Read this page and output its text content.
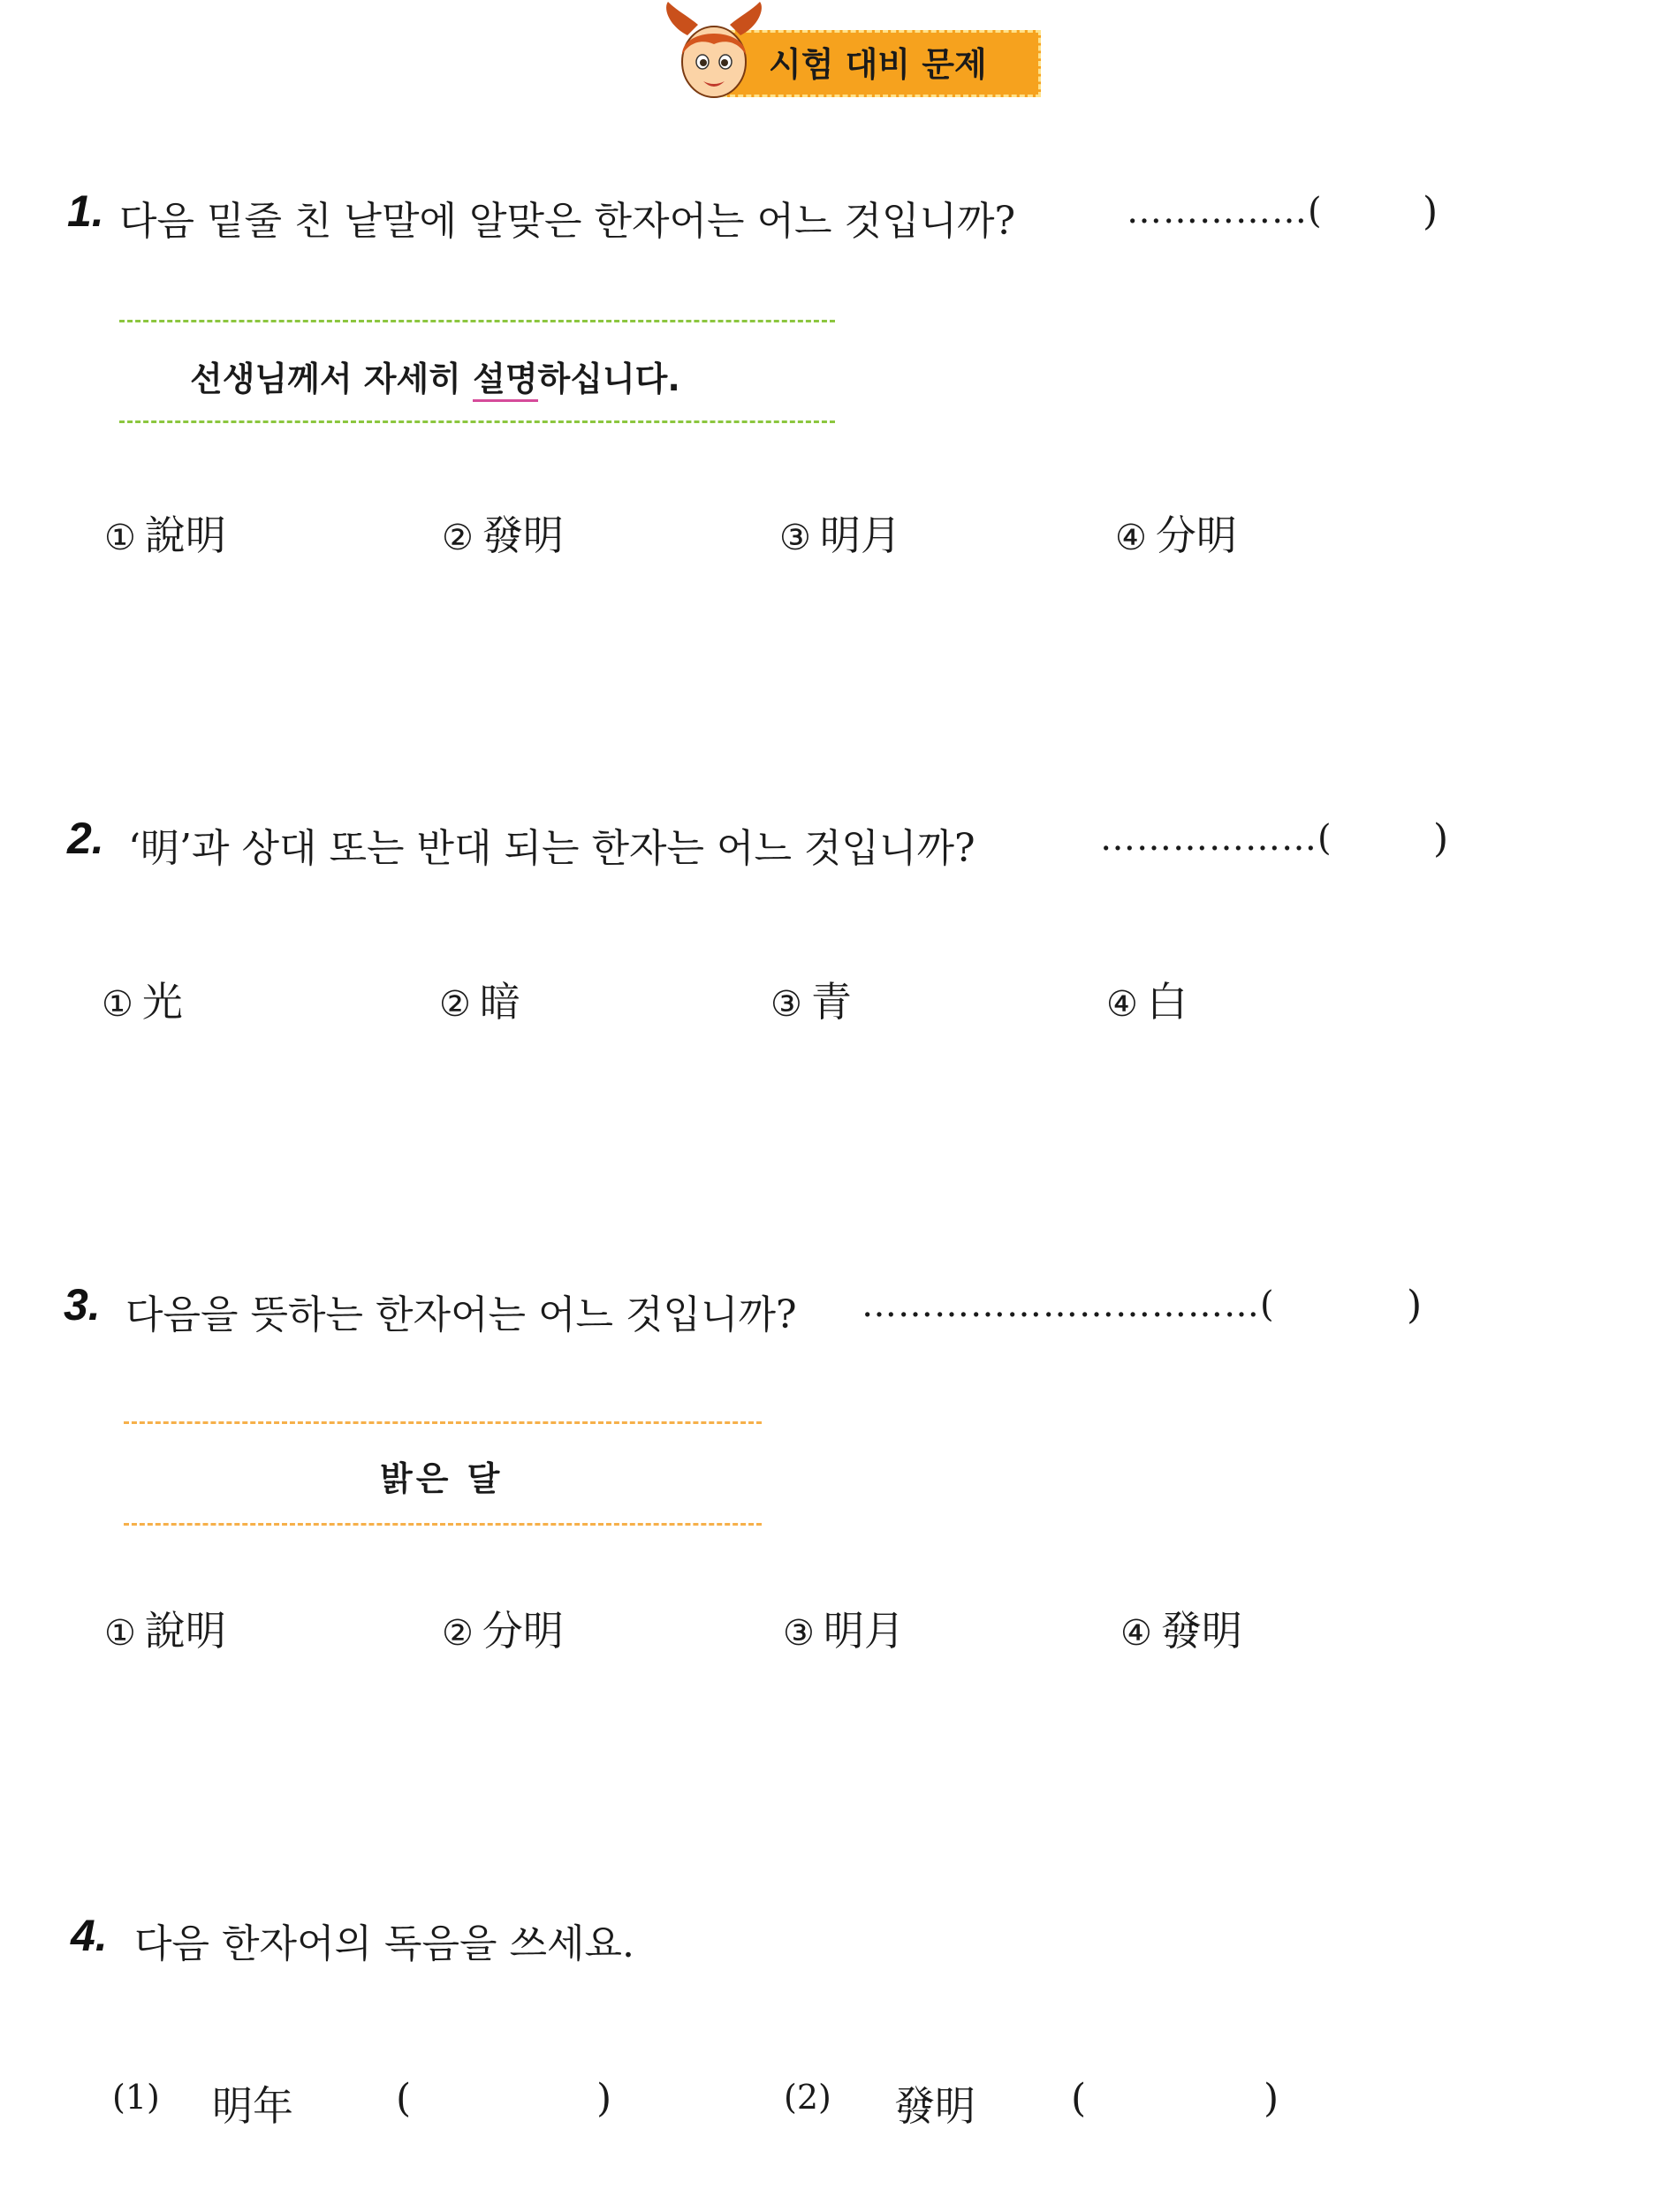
시험 대비 문제
1. 다음 밑줄 친 낱말에 알맞은 한자어는 어느 것입니까?	……………(	)
선생님께서 자세히 설명하십니다.
① 說明	② 發明	③ 明月	④ 分明
2. ‘明’과 상대 또는 반대 되는 한자는 어느 것입니까?	………………(	)
① 光	② 暗	③ 青	④ 白
3. 다음을 뜻하는 한자어는 어느 것입니까? ……………………………(	)
밝은 달
① 說明	② 分明	③ 明月	④ 發明
4. 다음 한자어의 독음을 쓰세요.
(1) 明年	(	)	(2) 發明 (	)
